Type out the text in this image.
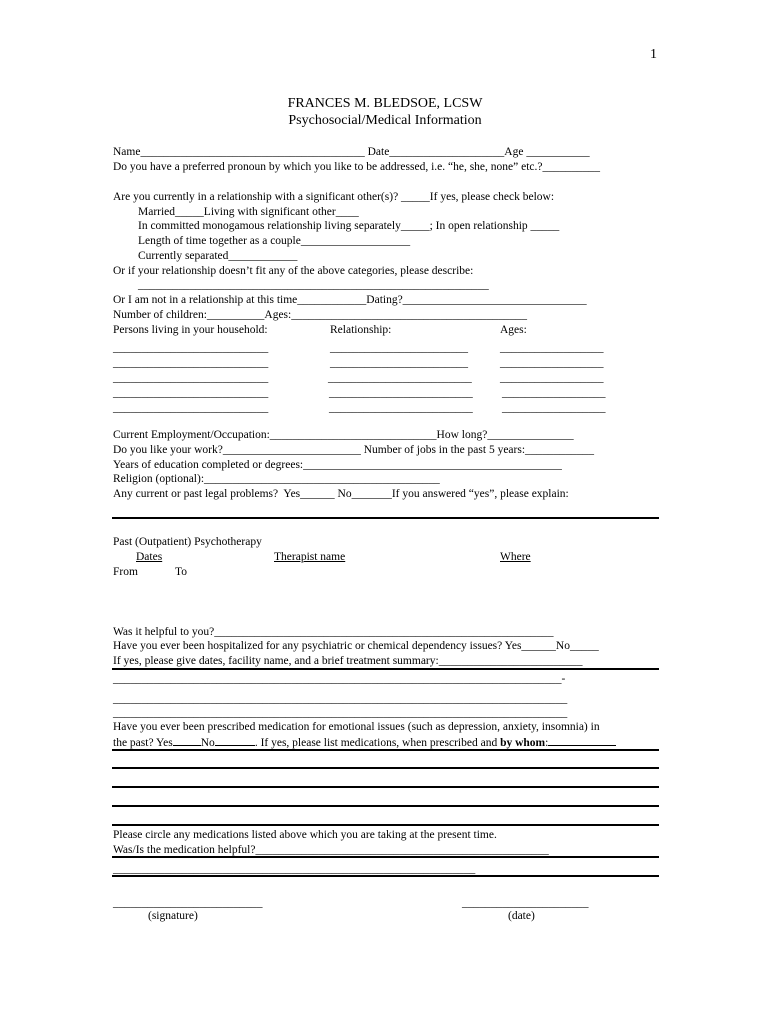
1
FRANCES M. BLEDSOE, LCSW
Psychosocial/Medical Information
Name_______________________________________ Date____________________Age ___________
Do you have a preferred pronoun by which you like to be addressed, i.e. “he, she, none” etc.?__________
Are you currently in a relationship with a significant other(s)? _____If yes, please check below:
Married_____Living with significant other____
In committed monogamous relationship living separately_____; In open relationship _____
Length of time together as a couple___________________
Currently separated____________
Or if your relationship doesn’t fit any of the above categories, please describe:
_____________________________________________________________
Or I am not in a relationship at this time____________Dating?________________________________
Number of children:__________Ages:_________________________________________
Persons living in your household:	Relationship:	Ages:
___________________________	________________________	__________________
___________________________	________________________	__________________
___________________________	_________________________ __________________
___________________________	_________________________	__________________
___________________________	_________________________	__________________
Current Employment/Occupation:_____________________________How long?_______________
Do you like your work?________________________ Number of jobs in the past 5 years:____________
Years of education completed or degrees:_____________________________________________
Religion (optional):_________________________________________
Any current or past legal problems?  Yes______ No_______If you answered “yes”, please explain:
Past (Outpatient) Psychotherapy
Dates	Therapist name	Where
From	To
Was it helpful to you?___________________________________________________________
Have you ever been hospitalized for any psychiatric or chemical dependency issues? Yes______No_____
If yes, please give dates, facility name, and a brief treatment summary:_________________________
______________________________________________________________________________-
_______________________________________________________________________________
_______________________________________________________________________________
Have you ever been prescribed medication for emotional issues (such as depression, anxiety, insomnia) in
the past? Yes No	. If yes, please list medications, when prescribed and by whom:
Please circle any medications listed above which you are taking at the present time.
Was/Is the medication helpful?___________________________________________________
_______________________________________________________________
__________________________	______________________
(signature)	(date)
